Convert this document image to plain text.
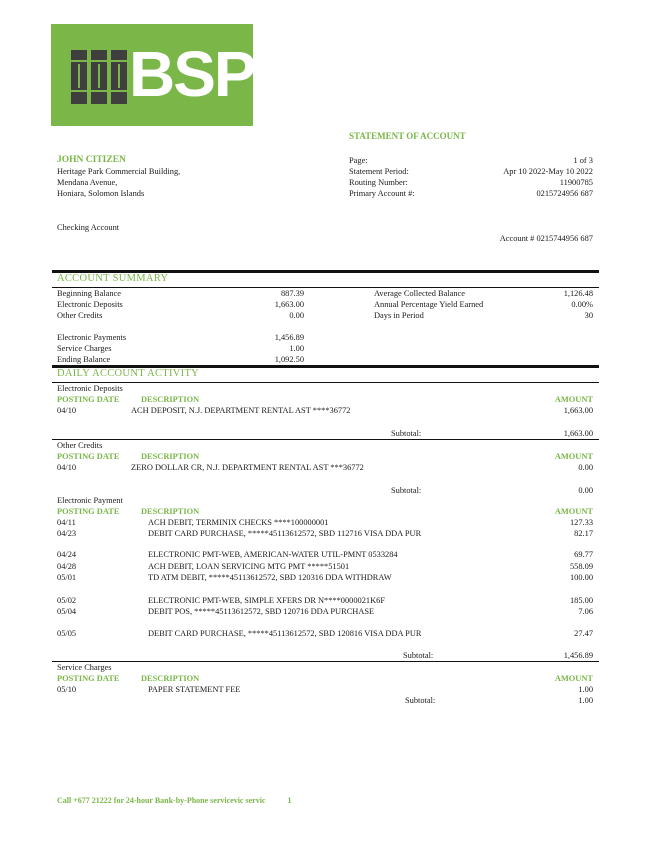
BSP
STATEMENT OF ACCOUNT
JOHN CITIZEN
Heritage Park Commercial Building,
Mendana Avenue,
Honiara, Solomon Islands
Page:	1 of 3
Statement Period:	Apr 10 2022-May 10 2022
Routing Number:	11900785
Primary Account #:	0215724956 687
Checking Account
Account # 0215744956 687
ACCOUNT SUMMARY
Beginning Balance	887.39
Electronic Deposits	1,663.00
Other Credits	0.00
Electronic Payments	1,456.89
Service Charges	1.00
Ending Balance	1,092.50
Average Collected Balance	1,126.48
Annual Percentage Yield Earned	0.00%
Days in Period	30
DAILY ACCOUNT ACTIVITY
Electronic Deposits
POSTING DATE	DESCRIPTION	AMOUNT
04/10	ACH DEPOSIT, N.J. DEPARTMENT RENTAL AST ****36772	1,663.00
Subtotal:	1,663.00
Other Credits
POSTING DATE	DESCRIPTION	AMOUNT
04/10	ZERO DOLLAR CR, N.J. DEPARTMENT RENTAL AST ***36772	0.00
Subtotal:	0.00
Electronic Payment
POSTING DATE	DESCRIPTION	AMOUNT
04/11	ACH DEBIT, TERMINIX CHECKS ****100000001	127.33
04/23	DEBIT CARD PURCHASE, *****45113612572, SBD 112716 VISA DDA PUR	82.17
04/24	ELECTRONIC PMT-WEB, AMERICAN-WATER UTIL-PMNT 0533284	69.77
04/28	ACH DEBIT, LOAN SERVICING MTG PMT *****51501	558.09
05/01	TD ATM DEBIT, *****45113612572, SBD 120316 DDA WITHDRAW	100.00
05/02	ELECTRONIC PMT-WEB, SIMPLE XFERS DR N****0000021K6F	185.00
05/04	DEBIT POS, *****45113612572, SBD 120716 DDA PURCHASE	7.06
05/05	DEBIT CARD PURCHASE, *****45113612572, SBD 120816 VISA DDA PUR	27.47
Subtotal:	1,456.89
Service Charges
POSTING DATE	DESCRIPTION	AMOUNT
05/10	PAPER STATEMENT FEE	1.00
Subtotal:	1.00
Call +677 21222 for 24-hour Bank-by-Phone servicevic servic           1
